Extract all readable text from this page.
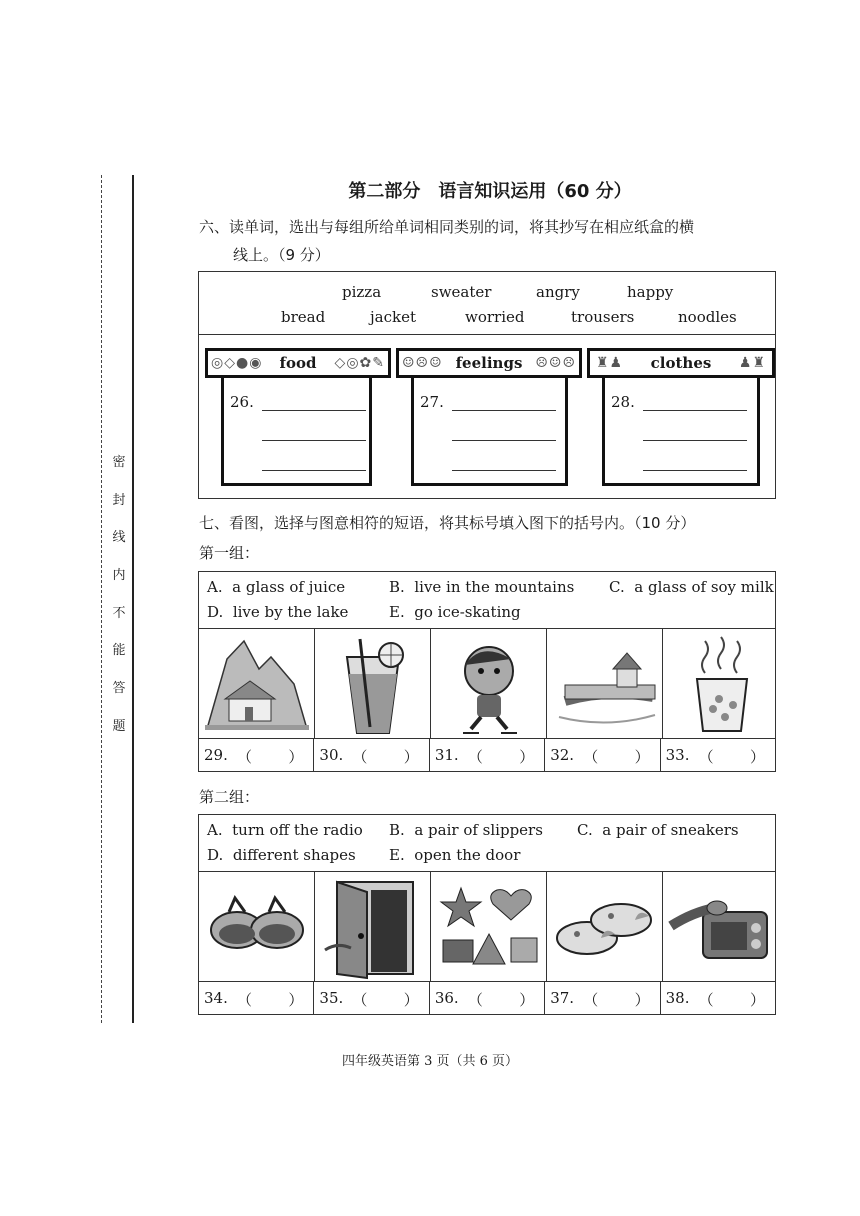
密
封
线
内
不
能
答
题
第二部分　语言知识运用（60 分）
六、读单词，选出与每组所给单词相同类别的词，将其抄写在相应纸盒的横
线上。（9 分）
pizza	sweater	angry	happy
bread	jacket	worried	trousers	noodles
◎◇●◉	food	◇◎✿✎
26.
☺☹☺ feelings ☹☺☹
27.
♜♟	clothes	♟♜
28.
七、看图，选择与图意相符的短语，将其标号填入图下的括号内。（10 分）
第一组：
A. a glass of juice	B. live in the mountains C. a glass of soy milk
D. live by the lake	E. go ice-skating
29. （ ） 30. （ ） 31. （ ） 32. （ ） 33. （ ）
第二组：
A. turn off the radio B. a pair of slippers C. a pair of sneakers
D. different shapes E. open the door
34. （ ） 35. （ ） 36. （ ） 37. （ ） 38. （ ）
四年级英语第 3 页（共 6 页）
